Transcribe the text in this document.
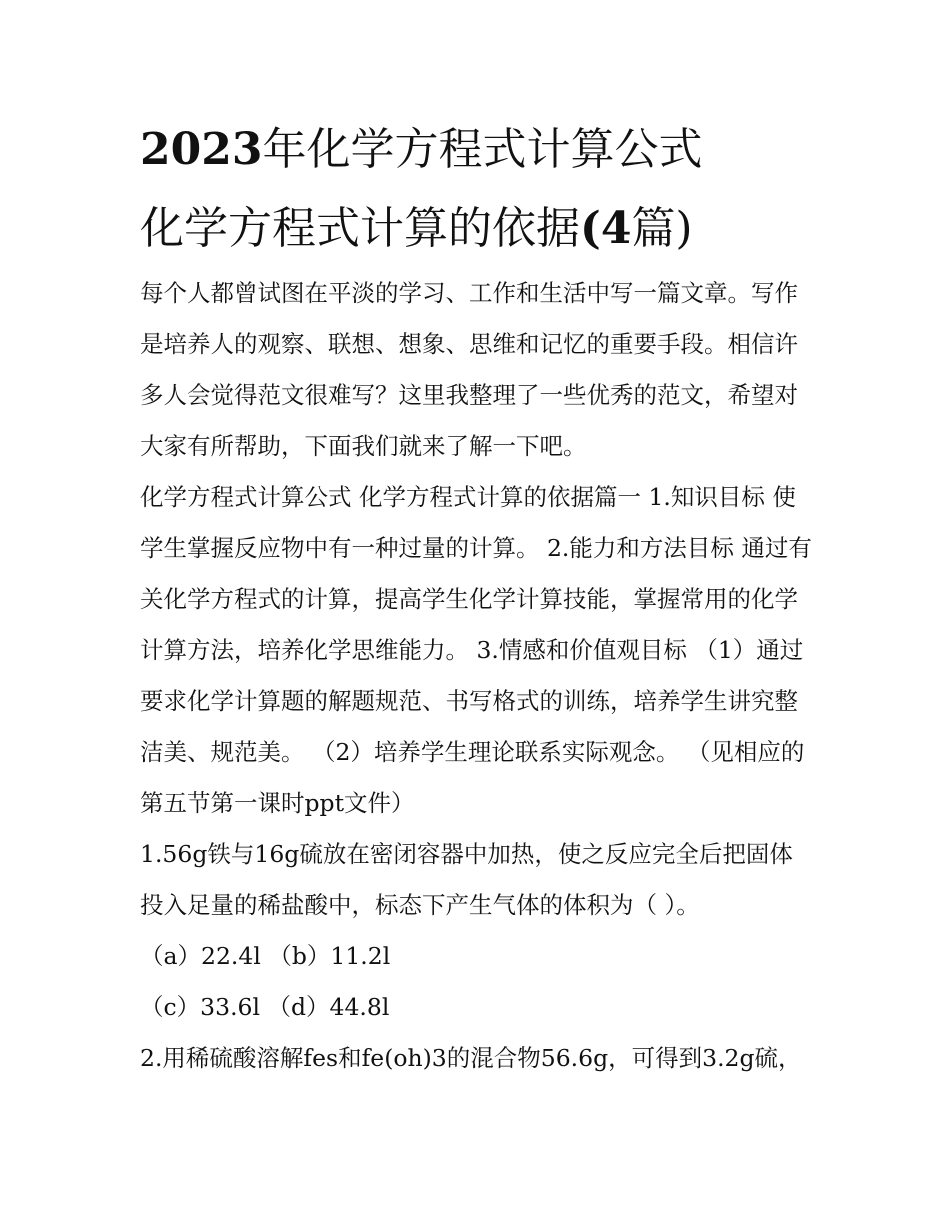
2023年化学方程式计算公式
化学方程式计算的依据(4篇)

每个人都曾试图在平淡的学习、工作和生活中写一篇文章。写作是培养人的观察、联想、想象、思维和记忆的重要手段。相信许多人会觉得范文很难写？这里我整理了一些优秀的范文，希望对大家有所帮助，下面我们就来了解一下吧。

化学方程式计算公式 化学方程式计算的依据篇一 1.知识目标 使学生掌握反应物中有一种过量的计算。 2.能力和方法目标 通过有关化学方程式的计算，提高学生化学计算技能，掌握常用的化学计算方法，培养化学思维能力。 3.情感和价值观目标 （1）通过要求化学计算题的解题规范、书写格式的训练，培养学生讲究整洁美、规范美。 （2）培养学生理论联系实际观念。 （见相应的第五节第一课时ppt文件）

1.56g铁与16g硫放在密闭容器中加热，使之反应完全后把固体投入足量的稀盐酸中，标态下产生气体的体积为（ ）。

（a）22.4l （b）11.2l

（c）33.6l （d）44.8l

2.用稀硫酸溶解fes和fe(oh)3的混合物56.6g，可得到3.2g硫，
